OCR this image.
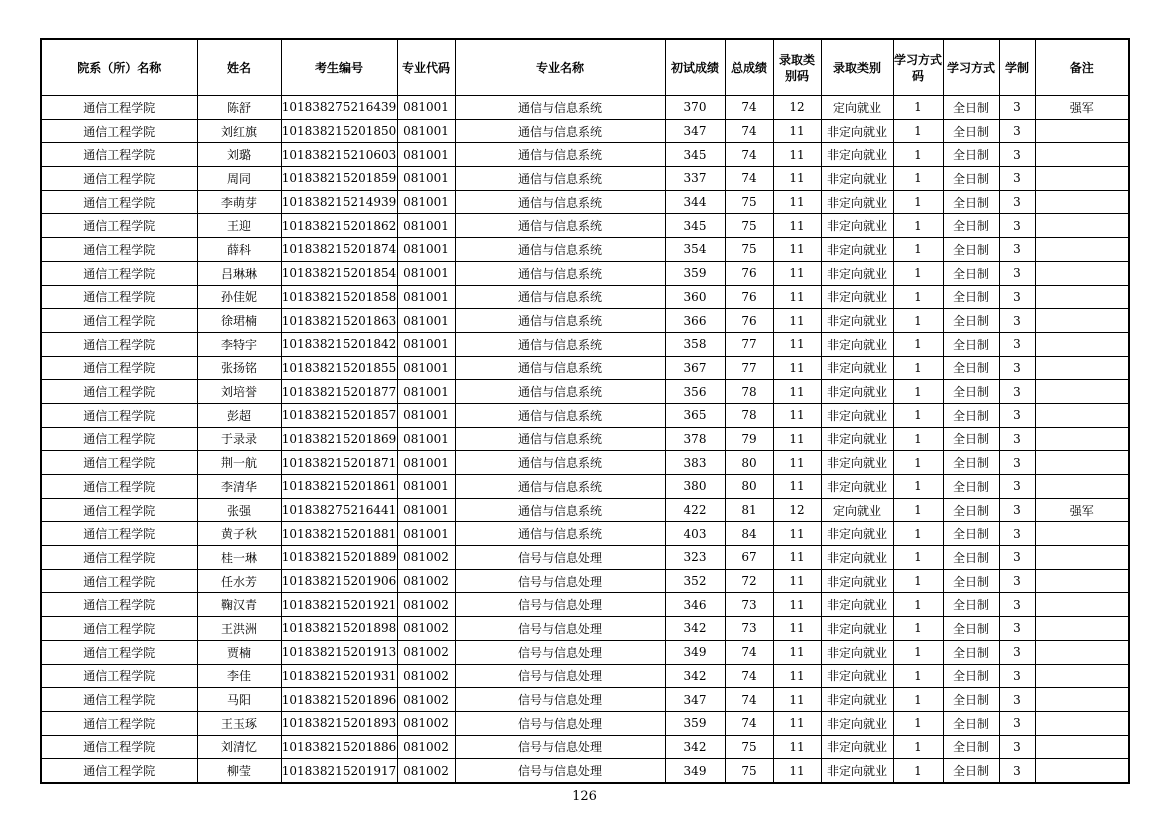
院系（所）名称	姓名	考生编号	专业代码	专业名称	初试成绩	总成绩	录取类别码	录取类别	学习方式码	学习方式	学制	备注
通信工程学院	陈舒	101838275216439	081001	通信与信息系统	370	74	12	定向就业	1	全日制	3	强军
通信工程学院	刘红旗	101838215201850	081001	通信与信息系统	347	74	11	非定向就业	1	全日制	3	
通信工程学院	刘璐	101838215210603	081001	通信与信息系统	345	74	11	非定向就业	1	全日制	3	
通信工程学院	周同	101838215201859	081001	通信与信息系统	337	74	11	非定向就业	1	全日制	3	
通信工程学院	李萌芽	101838215214939	081001	通信与信息系统	344	75	11	非定向就业	1	全日制	3	
通信工程学院	王迎	101838215201862	081001	通信与信息系统	345	75	11	非定向就业	1	全日制	3	
通信工程学院	薛科	101838215201874	081001	通信与信息系统	354	75	11	非定向就业	1	全日制	3	
通信工程学院	吕琳琳	101838215201854	081001	通信与信息系统	359	76	11	非定向就业	1	全日制	3	
通信工程学院	孙佳妮	101838215201858	081001	通信与信息系统	360	76	11	非定向就业	1	全日制	3	
通信工程学院	徐珺楠	101838215201863	081001	通信与信息系统	366	76	11	非定向就业	1	全日制	3	
通信工程学院	李特宇	101838215201842	081001	通信与信息系统	358	77	11	非定向就业	1	全日制	3	
通信工程学院	张扬铭	101838215201855	081001	通信与信息系统	367	77	11	非定向就业	1	全日制	3	
通信工程学院	刘培誉	101838215201877	081001	通信与信息系统	356	78	11	非定向就业	1	全日制	3	
通信工程学院	彭超	101838215201857	081001	通信与信息系统	365	78	11	非定向就业	1	全日制	3	
通信工程学院	于录录	101838215201869	081001	通信与信息系统	378	79	11	非定向就业	1	全日制	3	
通信工程学院	荆一航	101838215201871	081001	通信与信息系统	383	80	11	非定向就业	1	全日制	3	
通信工程学院	李清华	101838215201861	081001	通信与信息系统	380	80	11	非定向就业	1	全日制	3	
通信工程学院	张强	101838275216441	081001	通信与信息系统	422	81	12	定向就业	1	全日制	3	强军
通信工程学院	黄子秋	101838215201881	081001	通信与信息系统	403	84	11	非定向就业	1	全日制	3	
通信工程学院	桂一琳	101838215201889	081002	信号与信息处理	323	67	11	非定向就业	1	全日制	3	
通信工程学院	任水芳	101838215201906	081002	信号与信息处理	352	72	11	非定向就业	1	全日制	3	
通信工程学院	鞠汉青	101838215201921	081002	信号与信息处理	346	73	11	非定向就业	1	全日制	3	
通信工程学院	王洪洲	101838215201898	081002	信号与信息处理	342	73	11	非定向就业	1	全日制	3	
通信工程学院	贾楠	101838215201913	081002	信号与信息处理	349	74	11	非定向就业	1	全日制	3	
通信工程学院	李佳	101838215201931	081002	信号与信息处理	342	74	11	非定向就业	1	全日制	3	
通信工程学院	马阳	101838215201896	081002	信号与信息处理	347	74	11	非定向就业	1	全日制	3	
通信工程学院	王玉琢	101838215201893	081002	信号与信息处理	359	74	11	非定向就业	1	全日制	3	
通信工程学院	刘清忆	101838215201886	081002	信号与信息处理	342	75	11	非定向就业	1	全日制	3	
通信工程学院	柳莹	101838215201917	081002	信号与信息处理	349	75	11	非定向就业	1	全日制	3	
126
